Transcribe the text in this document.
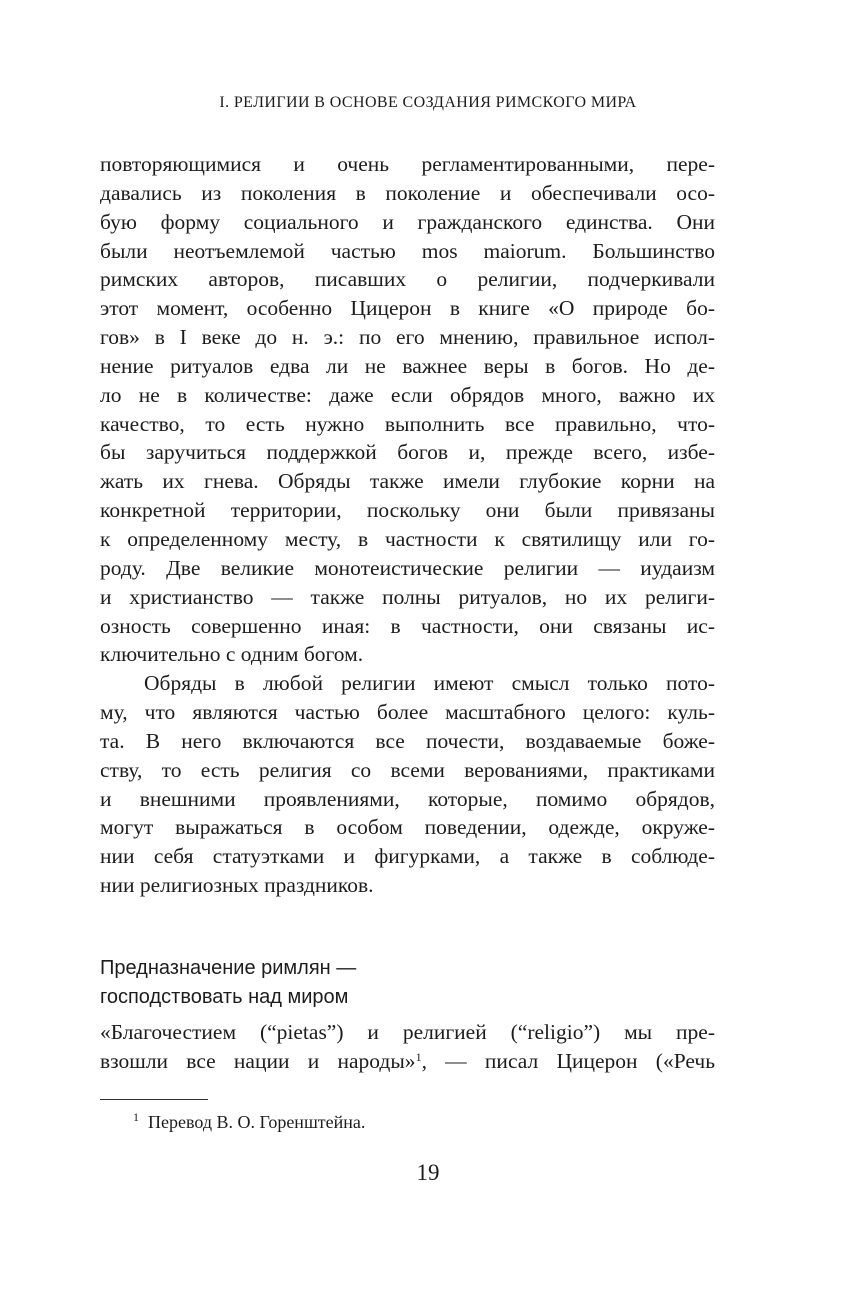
I. РЕЛИГИИ В ОСНОВЕ СОЗДАНИЯ РИМСКОГО МИРА
повторяющимися и очень регламентированными, пере-
давались из поколения в поколение и обеспечивали осо-
бую форму социального и гражданского единства. Они
были неотъемлемой частью mos maiorum. Большинство
римских авторов, писавших о религии, подчеркивали
этот момент, особенно Цицерон в книге «О природе бо-
гов» в I веке до н. э.: по его мнению, правильное испол-
нение ритуалов едва ли не важнее веры в богов. Но де-
ло не в количестве: даже если обрядов много, важно их
качество, то есть нужно выполнить все правильно, что-
бы заручиться поддержкой богов и, прежде всего, избе-
жать их гнева. Обряды также имели глубокие корни на
конкретной территории, поскольку они были привязаны
к определенному месту, в частности к святилищу или го-
роду. Две великие монотеистические религии — иудаизм
и христианство — также полны ритуалов, но их религи-
озность совершенно иная: в частности, они связаны ис-
ключительно с одним богом.
Обряды в любой религии имеют смысл только пото-
му, что являются частью более масштабного целого: куль-
та. В него включаются все почести, воздаваемые боже-
ству, то есть религия со всеми верованиями, практиками
и внешними проявлениями, которые, помимо обрядов,
могут выражаться в особом поведении, одежде, окруже-
нии себя статуэтками и фигурками, а также в соблюде-
нии религиозных праздников.
Предназначение римлян —
господствовать над миром
«Благочестием (“pietas”) и религией (“religio”) мы пре-
взошли все нации и народы»$^1$, — писал Цицерон («Речь
$^1$ Перевод В. О. Горенштейна.
19
